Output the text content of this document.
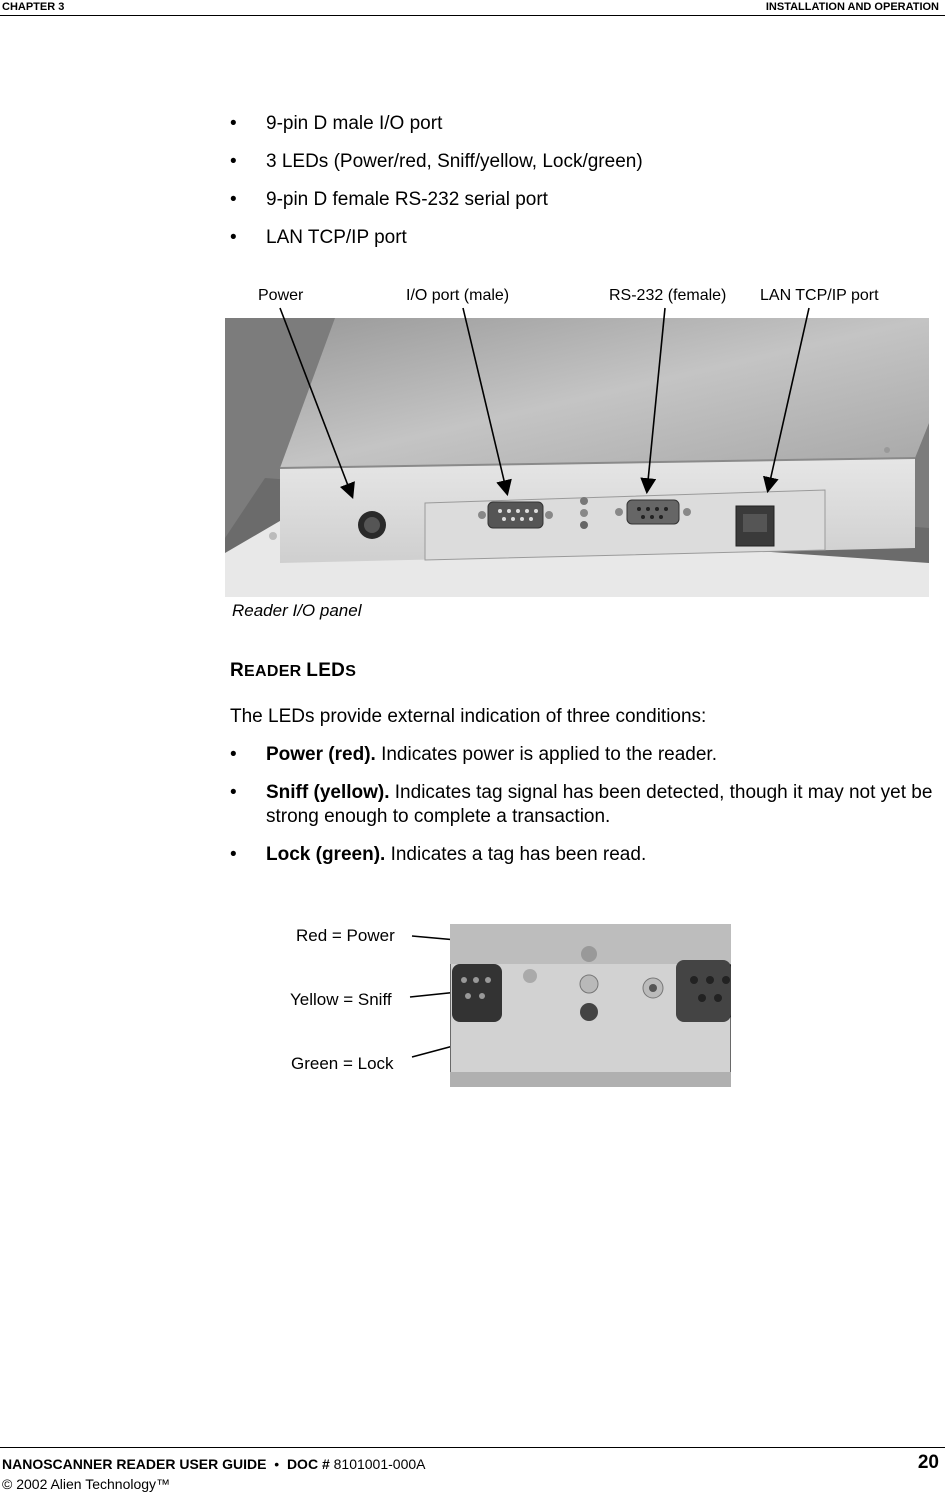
CHAPTER 3	INSTALLATION AND OPERATION
• 9-pin D male I/O port
• 3 LEDs (Power/red, Sniff/yellow, Lock/green)
• 9-pin D female RS-232 serial port
• LAN TCP/IP port
Power	I/O port (male)	RS-232 (female) LAN TCP/IP port
Reader I/O panel
READER LEDS
The LEDs provide external indication of three conditions:
• Power (red). Indicates power is applied to the reader.
• Sniff (yellow). Indicates tag signal has been detected, though it may not yet be strong enough to complete a transaction.
• Lock (green). Indicates a tag has been read.
Red = Power
Yellow = Sniff
Green = Lock
NANOSCANNER READER USER GUIDE • DOC # 8101001-000A
© 2002 Alien Technology™
20
